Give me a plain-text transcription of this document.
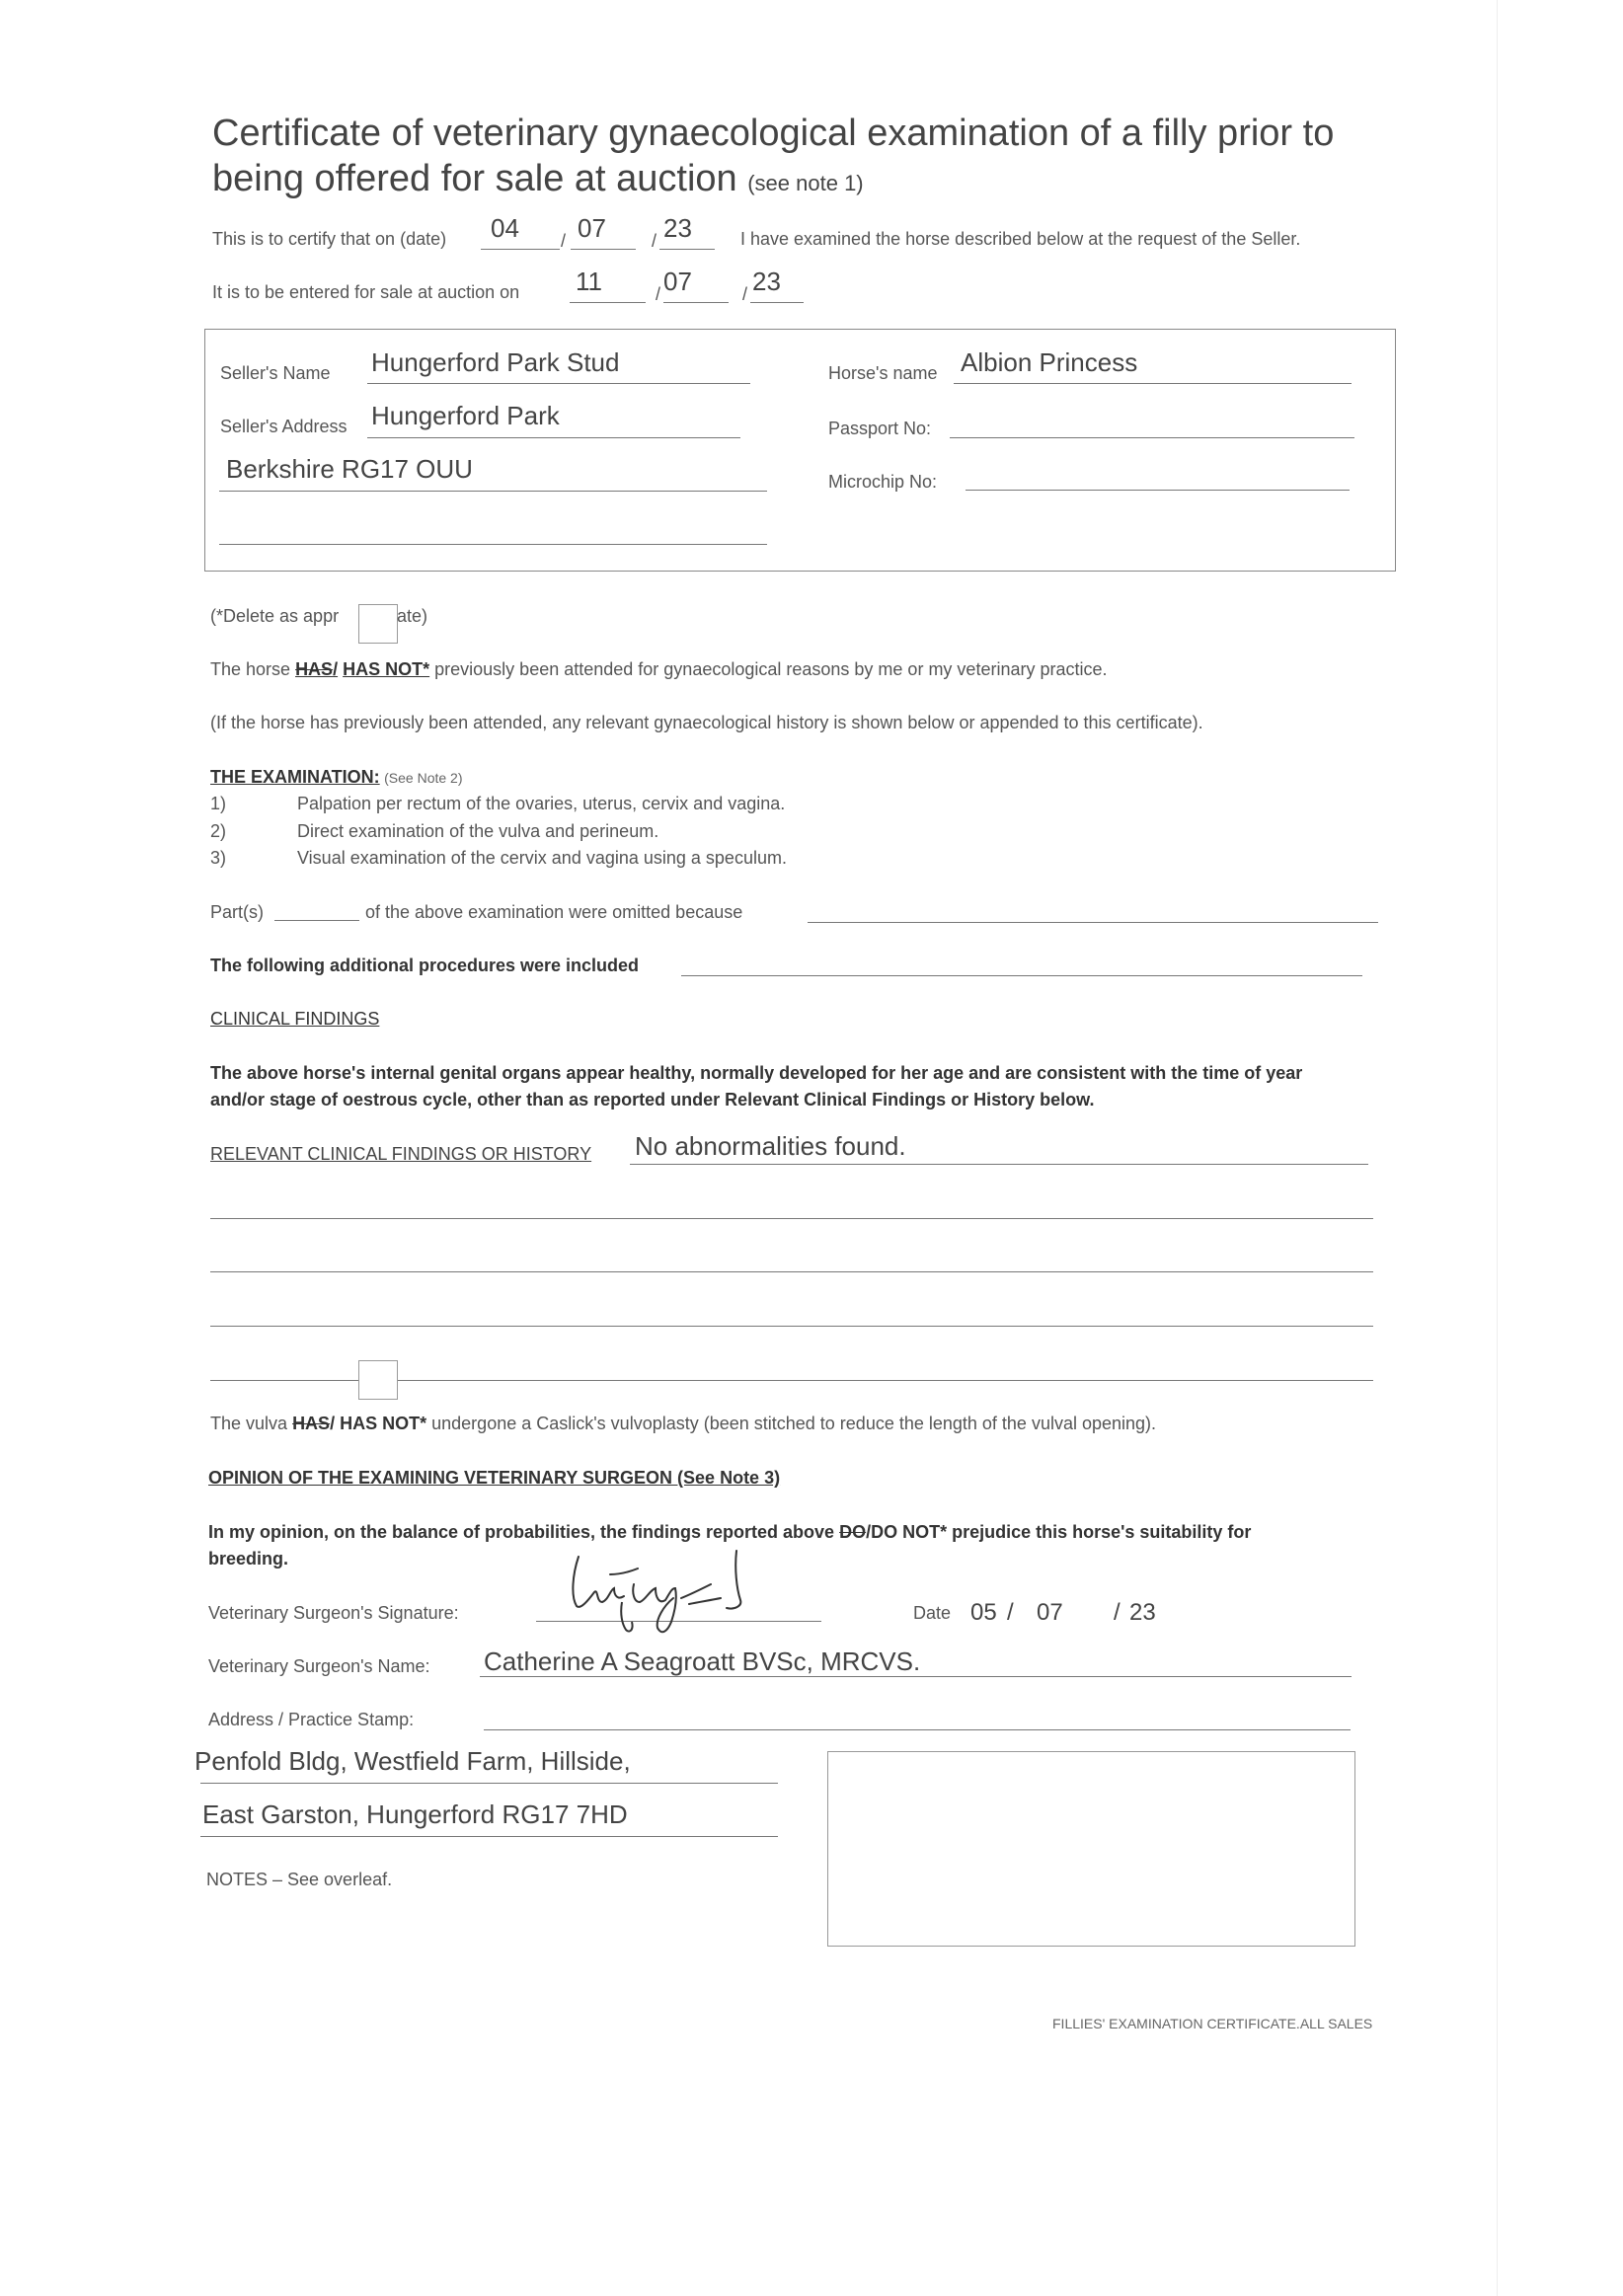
Certificate of veterinary gynaecological examination of a filly prior to
being offered for sale at auction (see note 1)
This is to certify that on (date) 04 / 07	/ 23	I have examined the horse described below at the request of the Seller.
It is to be entered for sale at auction on 11	/ 07	/ 23
Seller's Name Hungerford Park Stud
Seller's Address Hungerford Park
Berkshire RG17 OUU
Horse's name Albion Princess
Passport No:
Microchip No:
(*Delete as appr	ate)
The horse HAS/ HAS NOT* previously been attended for gynaecological reasons by me or my veterinary practice.
(If the horse has previously been attended, any relevant gynaecological history is shown below or appended to this certificate).
THE EXAMINATION: (See Note 2)
1)	Palpation per rectum of the ovaries, uterus, cervix and vagina.
2)	Direct examination of the vulva and perineum.
3)	Visual examination of the cervix and vagina using a speculum.
Part(s)	of the above examination were omitted because
The following additional procedures were included
CLINICAL FINDINGS
The above horse's internal genital organs appear healthy, normally developed for her age and are consistent with the time of year
and/or stage of oestrous cycle, other than as reported under Relevant Clinical Findings or History below.
RELEVANT CLINICAL FINDINGS OR HISTORY No abnormalities found.
The vulva HAS/ HAS NOT* undergone a Caslick's vulvoplasty (been stitched to reduce the length of the vulval opening).
OPINION OF THE EXAMINING VETERINARY SURGEON (See Note 3)
In my opinion, on the balance of probabilities, the findings reported above DO/DO NOT* prejudice this horse's suitability for
breeding.
Veterinary Surgeon's Signature:	Date 05 / 07 / 23
Veterinary Surgeon's Name: Catherine A Seagroatt BVSc, MRCVS.
Address / Practice Stamp:
Penfold Bldg, Westfield Farm, Hillside,
East Garston, Hungerford RG17 7HD
NOTES – See overleaf.
FILLIES' EXAMINATION CERTIFICATE.ALL SALES
